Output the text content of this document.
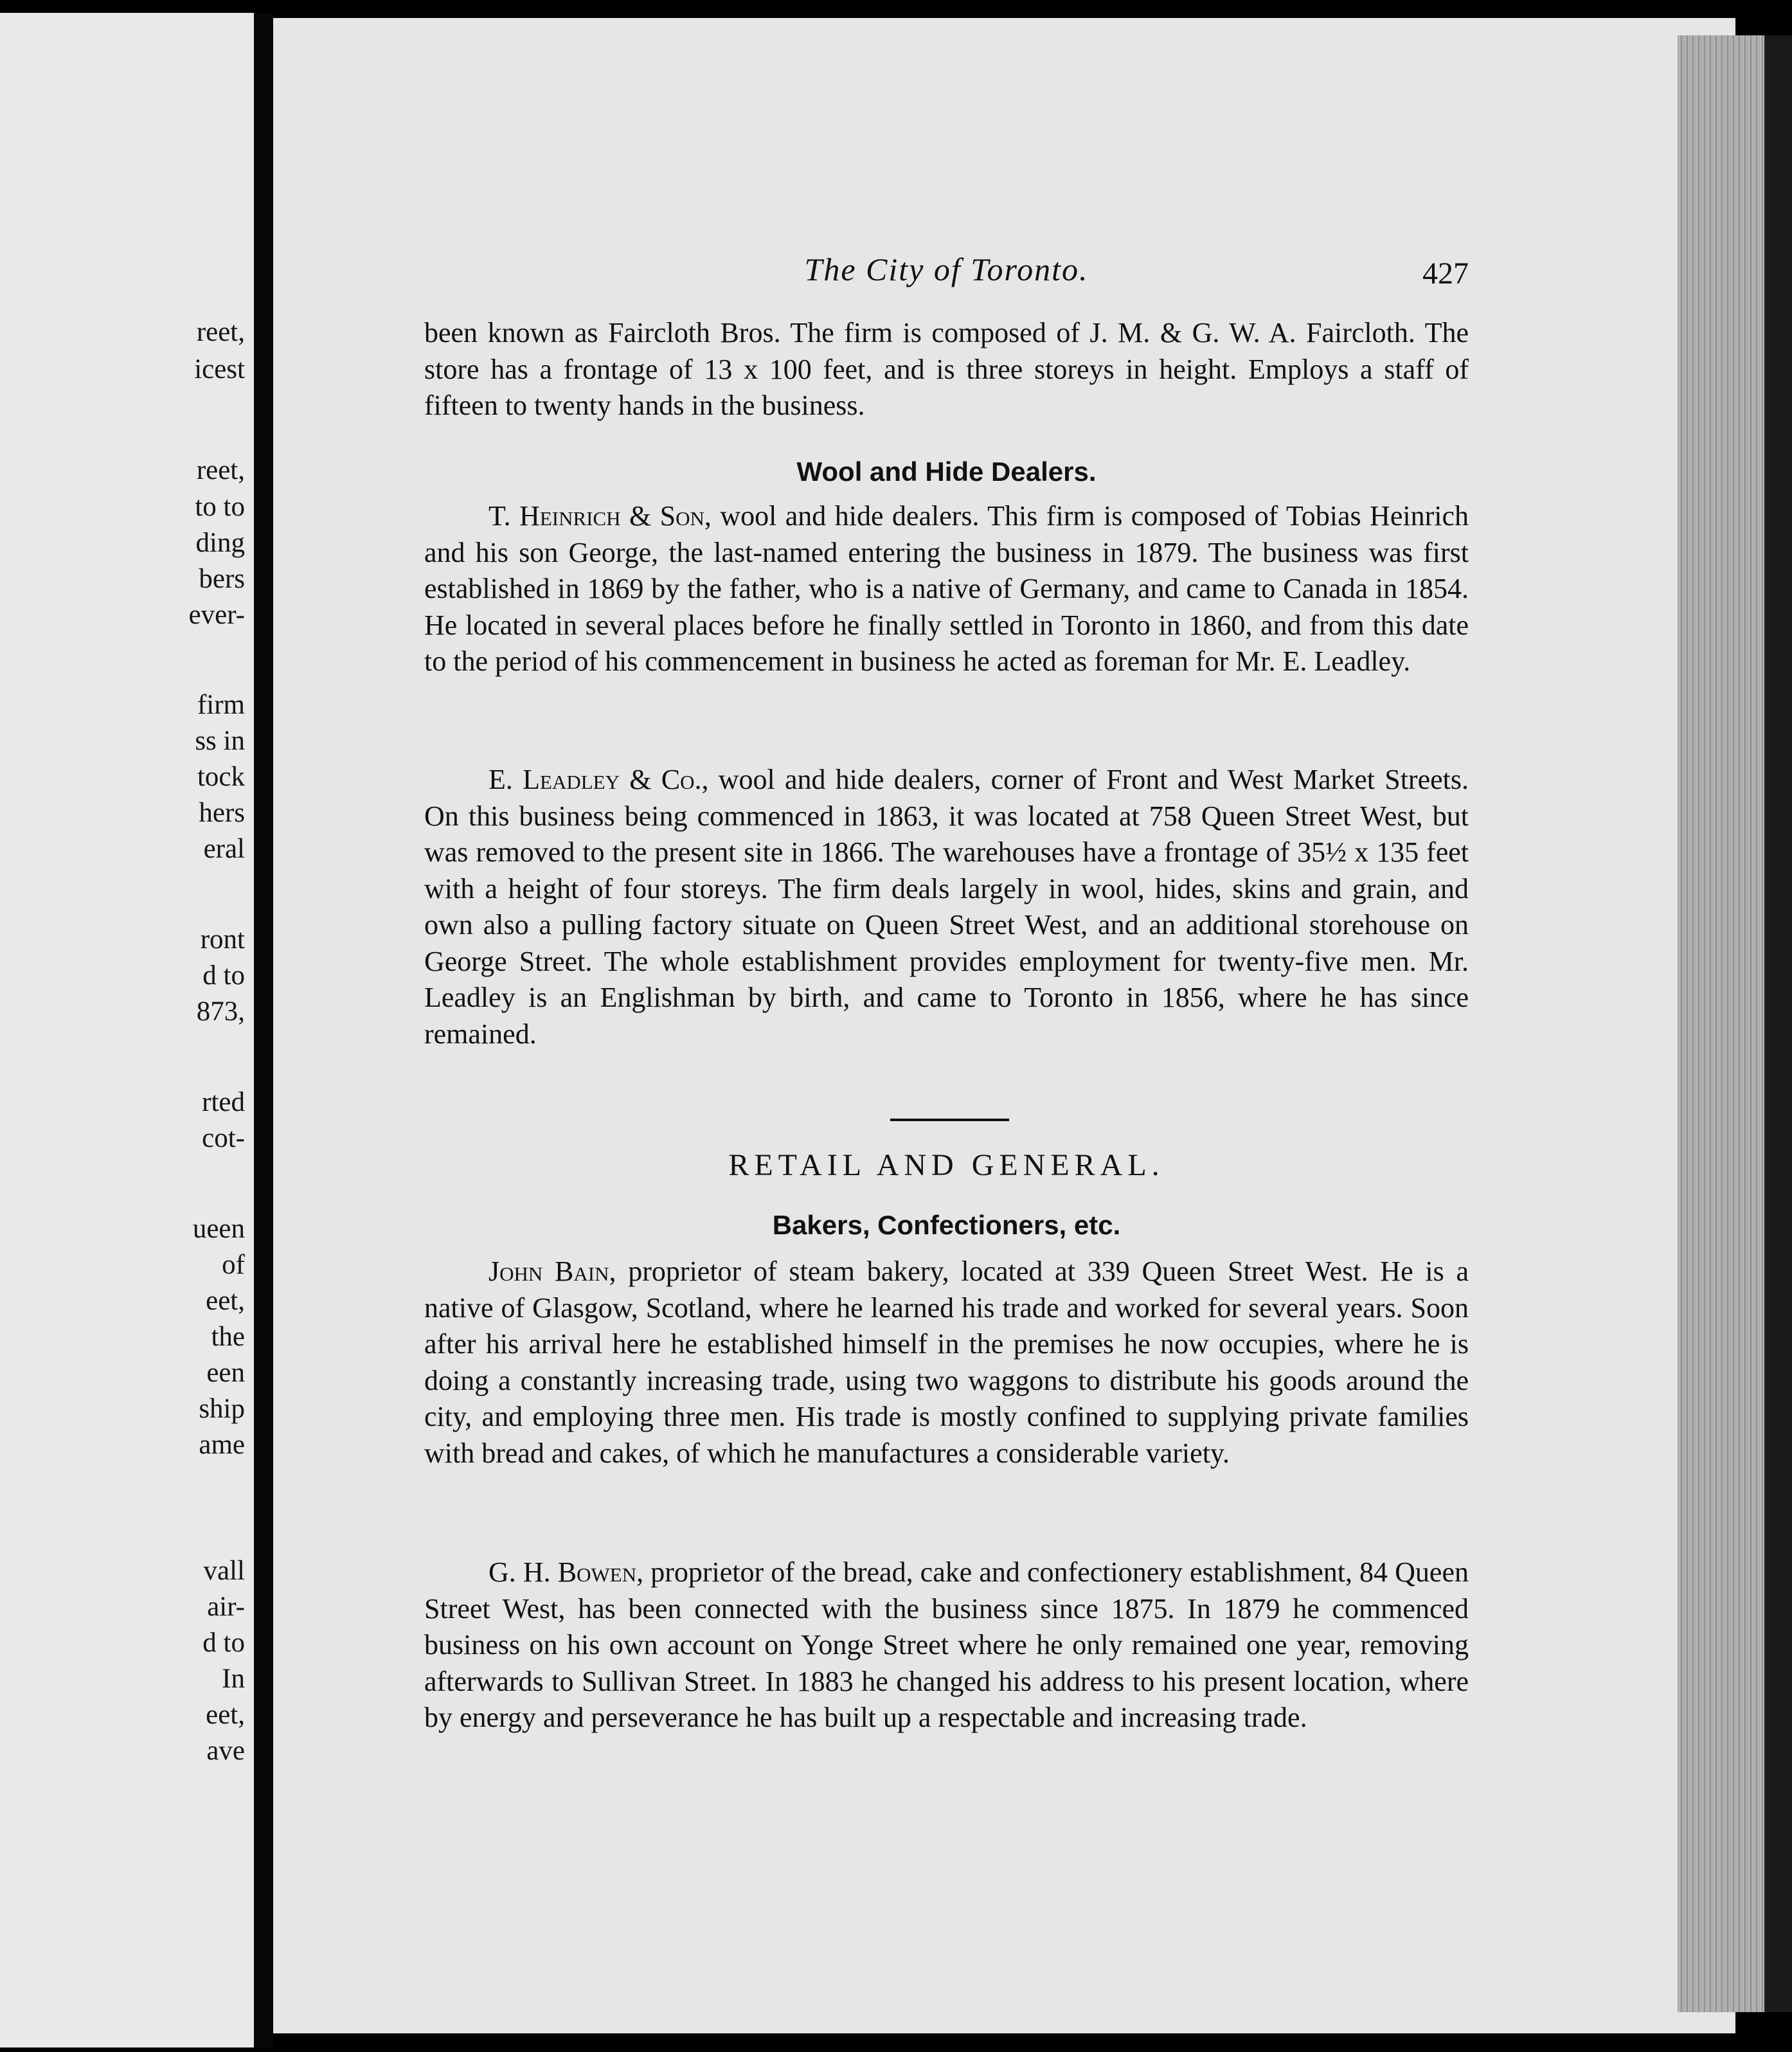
reet,
icest
reet,
to to
ding
bers
ever-
firm
ss in
tock
hers
eral
ront
d to
873,
rted
cot-
ueen
of
eet,
the
een
ship
ame
vall
air-
d to
In
eet,
ave
The City of Toronto.	427

been known as Faircloth Bros. The firm is composed of J. M. & G. W. A. Faircloth. The store has a frontage of 13 x 100 feet, and is three storeys in height. Employs a staff of fifteen to twenty hands in the business.

Wool and Hide Dealers.

T. Heinrich & Son, wool and hide dealers. This firm is composed of Tobias Heinrich and his son George, the last-named entering the business in 1879. The business was first established in 1869 by the father, who is a native of Germany, and came to Canada in 1854. He located in several places before he finally settled in Toronto in 1860, and from this date to the period of his commencement in business he acted as foreman for Mr. E. Leadley.

E. Leadley & Co., wool and hide dealers, corner of Front and West Market Streets. On this business being commenced in 1863, it was located at 758 Queen Street West, but was removed to the present site in 1866. The warehouses have a frontage of 35½ x 135 feet with a height of four storeys. The firm deals largely in wool, hides, skins and grain, and own also a pulling factory situate on Queen Street West, and an additional storehouse on George Street. The whole establishment provides employment for twenty-five men. Mr. Leadley is an Englishman by birth, and came to Toronto in 1856, where he has since remained.

RETAIL AND GENERAL.
Bakers, Confectioners, etc.

John Bain, proprietor of steam bakery, located at 339 Queen Street West. He is a native of Glasgow, Scotland, where he learned his trade and worked for several years. Soon after his arrival here he established himself in the premises he now occupies, where he is doing a constantly increasing trade, using two waggons to distribute his goods around the city, and employing three men. His trade is mostly confined to supplying private families with bread and cakes, of which he manufactures a considerable variety.

G. H. Bowen, proprietor of the bread, cake and confectionery establishment, 84 Queen Street West, has been connected with the business since 1875. In 1879 he commenced business on his own account on Yonge Street where he only remained one year, removing afterwards to Sullivan Street. In 1883 he changed his address to his present location, where by energy and perseverance he has built up a respectable and increasing trade.
